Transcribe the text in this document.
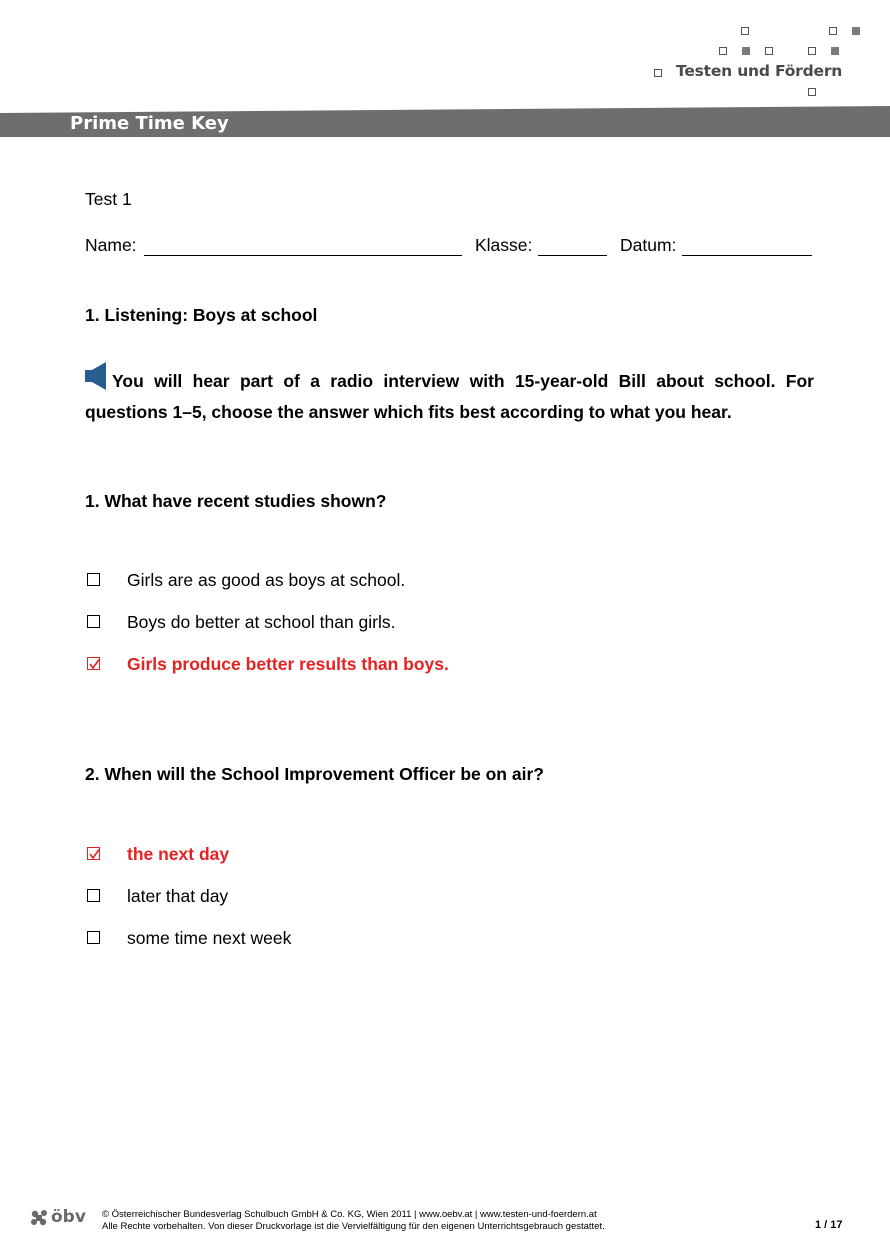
Testen und Fördern
Prime Time Key
Test 1
Name:	Klasse:	Datum:
1. Listening: Boys at school
You will hear part of a radio interview with 15-year-old Bill about school. For questions 1–5, choose the answer which fits best according to what you hear.
1. What have recent studies shown?
Girls are as good as boys at school.
Boys do better at school than girls.
Girls produce better results than boys.
2. When will the School Improvement Officer be on air?
the next day
later that day
some time next week
öbv © Österreichischer Bundesverlag Schulbuch GmbH & Co. KG, Wien 2011 | www.oebv.at | www.testen-und-foerdern.at
Alle Rechte vorbehalten. Von dieser Druckvorlage ist die Vervielfältigung für den eigenen Unterrichtsgebrauch gestattet.	1 / 17
